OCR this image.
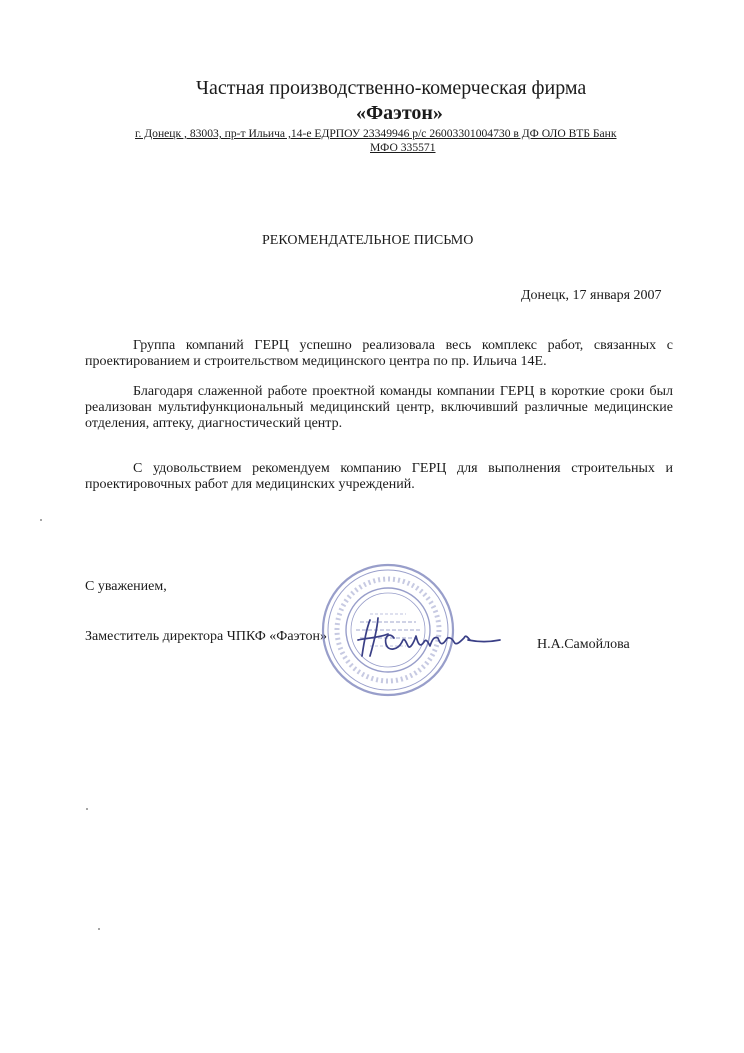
Частная производственно-комерческая фирма
«Фаэтон»
г. Донецк , 83003, пр-т Ильича ,14-е ЕДРПОУ 23349946 р/с 26003301004730 в ДФ ОЛО ВТБ Банк
МФО 335571
РЕКОМЕНДАТЕЛЬНОЕ ПИСЬМО
Донецк, 17 января 2007

Группа компаний ГЕРЦ успешно реализовала весь комплекс работ, связанных с проектированием и строительством медицинского центра по пр. Ильича 14Е.

Благодаря слаженной работе проектной команды компании ГЕРЦ в короткие сроки был реализован мультифункциональный медицинский центр, включивший различные медицинские отделения, аптеку, диагностический центр.

С удовольствием рекомендуем компанию ГЕРЦ для выполнения строительных и проектировочных работ для медицинских учреждений.

С уважением,
Заместитель директора ЧПКФ «Фаэтон»
Н.А.Самойлова
